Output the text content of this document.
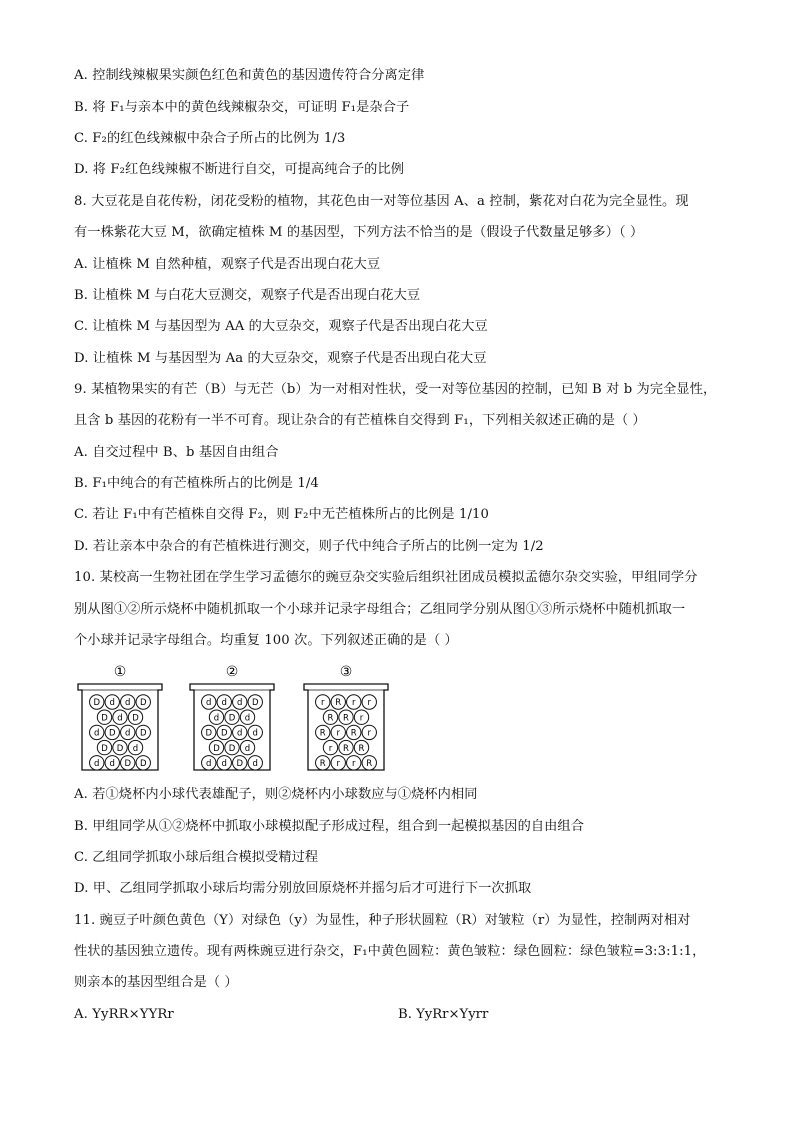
A. 控制线辣椒果实颜色红色和黄色的基因遗传符合分离定律
B. 将 F₁与亲本中的黄色线辣椒杂交，可证明 F₁是杂合子
C. F₂的红色线辣椒中杂合子所占的比例为 1/3
D. 将 F₂红色线辣椒不断进行自交，可提高纯合子的比例
8. 大豆花是自花传粉，闭花受粉的植物，其花色由一对等位基因 A、a 控制，紫花对白花为完全显性。现
有一株紫花大豆 M，欲确定植株 M 的基因型，下列方法不恰当的是（假设子代数量足够多）（ ）
A. 让植株 M 自然种植，观察子代是否出现白花大豆
B. 让植株 M 与白花大豆测交，观察子代是否出现白花大豆
C. 让植株 M 与基因型为 AA 的大豆杂交，观察子代是否出现白花大豆
D. 让植株 M 与基因型为 Aa 的大豆杂交，观察子代是否出现白花大豆
9. 某植物果实的有芒（B）与无芒（b）为一对相对性状，受一对等位基因的控制，已知 B 对 b 为完全显性，
且含 b 基因的花粉有一半不可育。现让杂合的有芒植株自交得到 F₁，下列相关叙述正确的是（ ）
A. 自交过程中 B、b 基因自由组合
B. F₁中纯合的有芒植株所占的比例是 1/4
C. 若让 F₁中有芒植株自交得 F₂，则 F₂中无芒植株所占的比例是 1/10
D. 若让亲本中杂合的有芒植株进行测交，则子代中纯合子所占的比例一定为 1/2
10. 某校高一生物社团在学生学习孟德尔的豌豆杂交实验后组织社团成员模拟孟德尔杂交实验，甲组同学分
别从图①②所示烧杯中随机抓取一个小球并记录字母组合；乙组同学分别从图①③所示烧杯中随机抓取一
个小球并记录字母组合。均重复 100 次。下列叙述正确的是（ ）
①
D d d D
D d D
d D d D
D D d
d d D D
②
d d d D
d D d
D D d d
D D d
d d D d
③
r R r r
R R r
R r R r
r R R
R r r R
A. 若①烧杯内小球代表雄配子，则②烧杯内小球数应与①烧杯内相同
B. 甲组同学从①②烧杯中抓取小球模拟配子形成过程，组合到一起模拟基因的自由组合
C. 乙组同学抓取小球后组合模拟受精过程
D. 甲、乙组同学抓取小球后均需分别放回原烧杯并摇匀后才可进行下一次抓取
11. 豌豆子叶颜色黄色（Y）对绿色（y）为显性，种子形状圆粒（R）对皱粒（r）为显性，控制两对相对
性状的基因独立遗传。现有两株豌豆进行杂交，F₁中黄色圆粒：黄色皱粒：绿色圆粒：绿色皱粒=3:3:1:1，
则亲本的基因型组合是（ ）
A. YyRR×YYRr	B. YyRr×Yyrr
